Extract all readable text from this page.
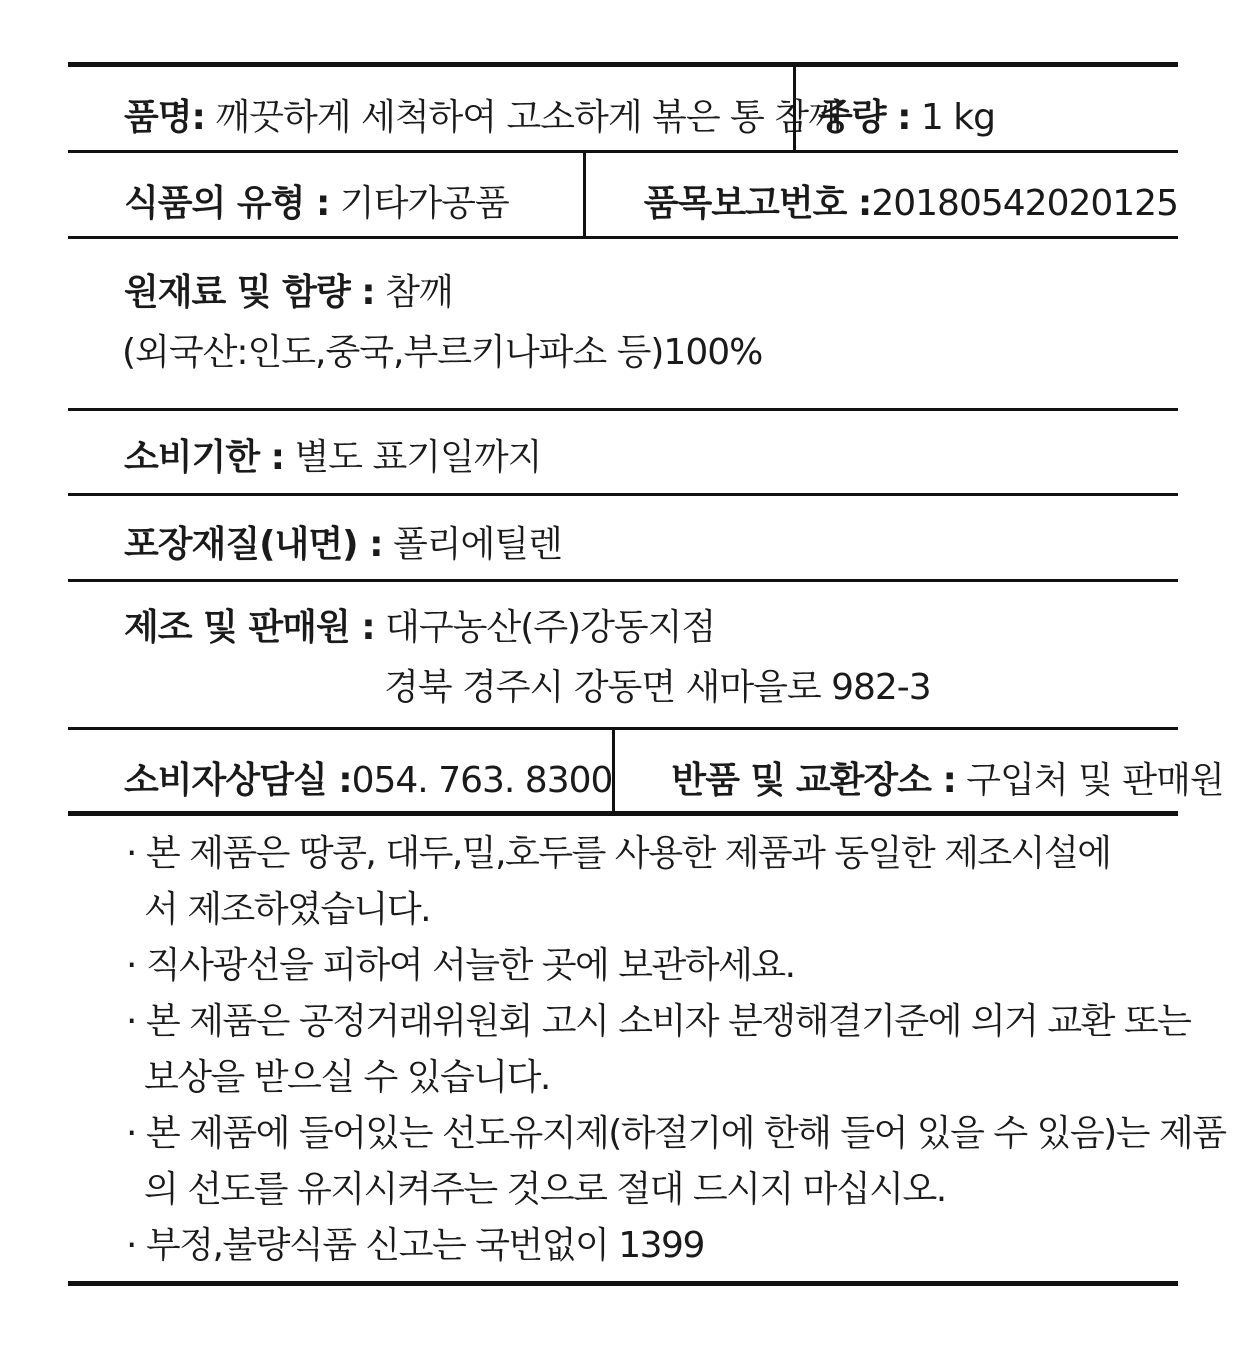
품명: 깨끗하게 세척하여 고소하게 볶은 통 참깨
중량 : 1 kg
식품의 유형 : 기타가공품	품목보고번호 :20180542020125
원재료 및 함량 : 참깨
(외국산:인도,중국,부르키나파소 등)100%
소비기한 : 별도 표기일까지
포장재질(내면) : 폴리에틸렌
제조 및 판매원 : 대구농산(주)강동지점
경북 경주시 강동면 새마을로 982-3
소비자상담실 :054. 763. 8300	반품 및 교환장소 : 구입처 및 판매원
· 본 제품은 땅콩, 대두,밀,호두를 사용한 제품과 동일한 제조시설에
서 제조하였습니다.
· 직사광선을 피하여 서늘한 곳에 보관하세요.
· 본 제품은 공정거래위원회 고시 소비자 분쟁해결기준에 의거 교환 또는
보상을 받으실 수 있습니다.
· 본 제품에 들어있는 선도유지제(하절기에 한해 들어 있을 수 있음)는 제품
의 선도를 유지시켜주는 것으로 절대 드시지 마십시오.
· 부정,불량식품 신고는 국번없이 1399
